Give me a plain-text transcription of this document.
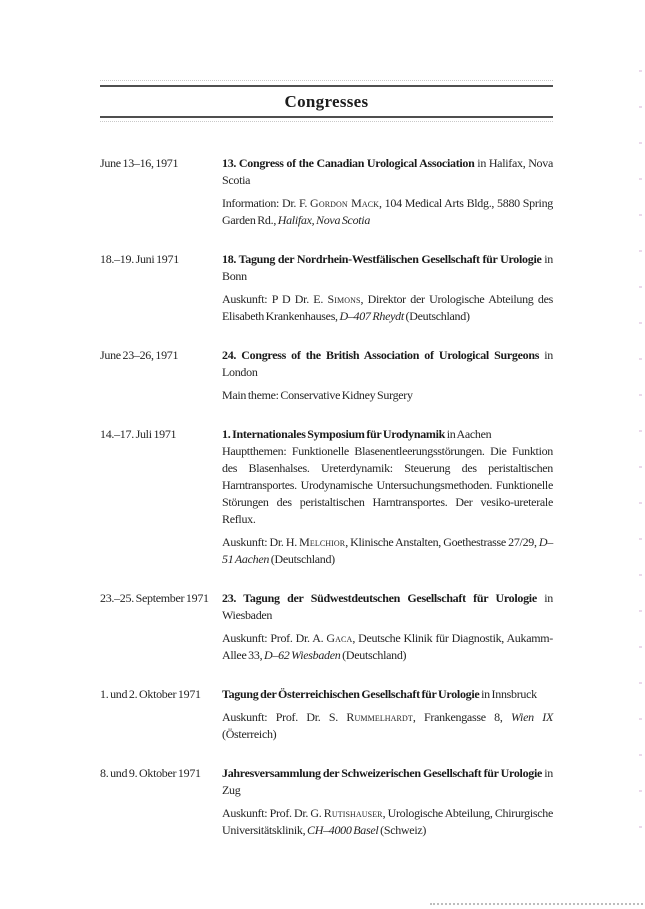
Congresses
June 13–16, 1971	13. Congress of the Canadian Urological Association in Halifax, Nova Scotia

Information: Dr. F. Gordon Mack, 104 Medical Arts Bldg., 5880 Spring Garden Rd., Halifax, Nova Scotia

18.–19. Juni 1971	18. Tagung der Nordrhein-Westfälischen Gesellschaft für Urologie in Bonn

Auskunft: P D Dr. E. Simons, Direktor der Urologische Abteilung des Elisabeth Krankenhauses, D–407 Rheydt (Deutschland)

June 23–26, 1971	24. Congress of the British Association of Urological Surgeons in London

Main theme: Conservative Kidney Surgery

14.–17. Juli 1971	1. Internationales Symposium für Urodynamik in Aachen

Hauptthemen: Funktionelle Blasenentleerungsstörungen. Die Funktion des Blasenhalses. Ureterdynamik: Steuerung des peristaltischen Harntransportes. Urodynamische Untersuchungsmethoden. Funktionelle Störungen des peristaltischen Harntransportes. Der vesiko-ureterale Reflux.

Auskunft: Dr. H. Melchior, Klinische Anstalten, Goethestrasse 27/29, D–51 Aachen (Deutschland)

23.–25. September 1971	23. Tagung der Südwestdeutschen Gesellschaft für Urologie in Wiesbaden

Auskunft: Prof. Dr. A. Gaca, Deutsche Klinik für Diagnostik, Aukamm-Allee 33, D–62 Wiesbaden (Deutschland)

1. und 2. Oktober 1971	Tagung der Österreichischen Gesellschaft für Urologie in Innsbruck

Auskunft: Prof. Dr. S. Rummelhardt, Frankengasse 8, Wien IX (Österreich)

8. und 9. Oktober 1971	Jahresversammlung der Schweizerischen Gesellschaft für Urologie in Zug

Auskunft: Prof. Dr. G. Rutishauser, Urologische Abteilung, Chirurgische Universitätsklinik, CH–4000 Basel (Schweiz)
